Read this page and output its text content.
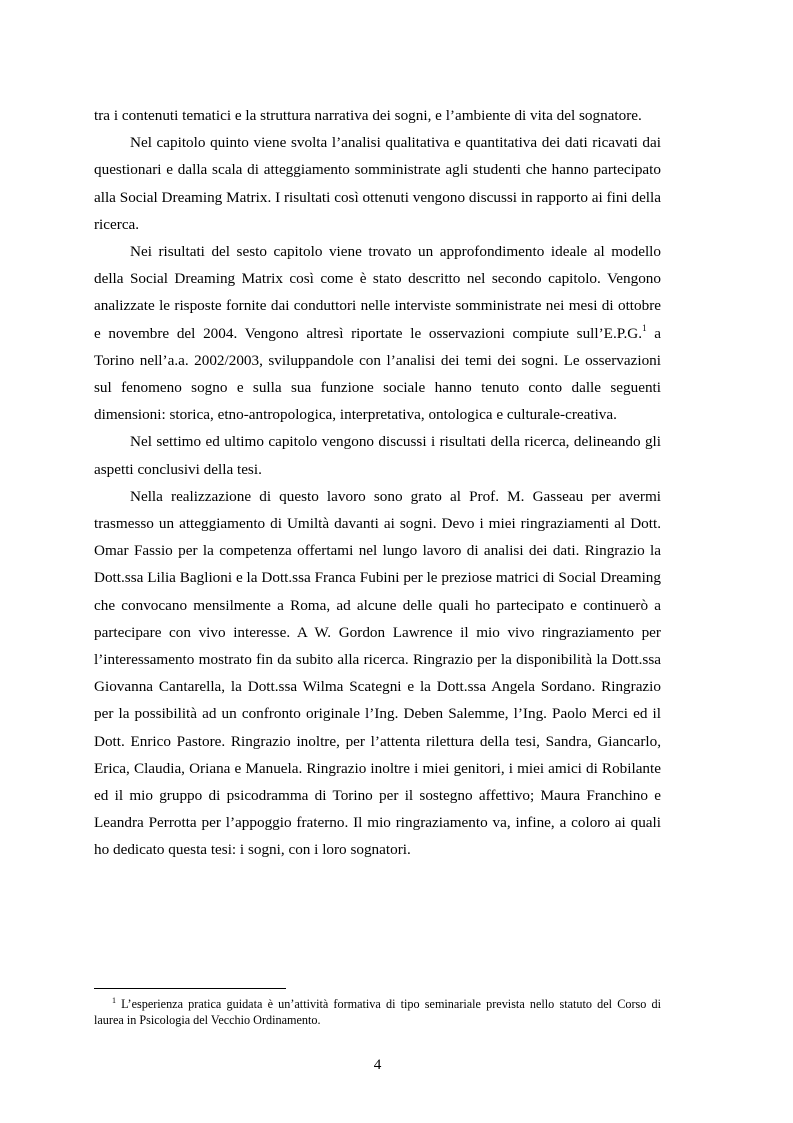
tra i contenuti tematici e la struttura narrativa dei sogni, e l’ambiente di vita del sognatore.

Nel capitolo quinto viene svolta l’analisi qualitativa e quantitativa dei dati ricavati dai questionari e dalla scala di atteggiamento somministrate agli studenti che hanno partecipato alla Social Dreaming Matrix. I risultati così ottenuti vengono discussi in rapporto ai fini della ricerca.

Nei risultati del sesto capitolo viene trovato un approfondimento ideale al modello della Social Dreaming Matrix così come è stato descritto nel secondo capitolo. Vengono analizzate le risposte fornite dai conduttori nelle interviste somministrate nei mesi di ottobre e novembre del 2004. Vengono altresì riportate le osservazioni compiute sull’E.P.G.$^1$ a Torino nell’a.a. 2002/2003, sviluppandole con l’analisi dei temi dei sogni. Le osservazioni sul fenomeno sogno e sulla sua funzione sociale hanno tenuto conto dalle seguenti dimensioni: storica, etno-antropologica, interpretativa, ontologica e culturale-creativa.

Nel settimo ed ultimo capitolo vengono discussi i risultati della ricerca, delineando gli aspetti conclusivi della tesi.

Nella realizzazione di questo lavoro sono grato al Prof. M. Gasseau per avermi trasmesso un atteggiamento di Umiltà davanti ai sogni. Devo i miei ringraziamenti al Dott. Omar Fassio per la competenza offertami nel lungo lavoro di analisi dei dati. Ringrazio la Dott.ssa Lilia Baglioni e la Dott.ssa Franca Fubini per le preziose matrici di Social Dreaming che convocano mensilmente a Roma, ad alcune delle quali ho partecipato e continuerò a partecipare con vivo interesse. A W. Gordon Lawrence il mio vivo ringraziamento per l’interessamento mostrato fin da subito alla ricerca. Ringrazio per la disponibilità la Dott.ssa Giovanna Cantarella, la Dott.ssa Wilma Scategni e la Dott.ssa Angela Sordano. Ringrazio per la possibilità ad un confronto originale l’Ing. Deben Salemme, l’Ing. Paolo Merci ed il Dott. Enrico Pastore. Ringrazio inoltre, per l’attenta rilettura della tesi, Sandra, Giancarlo, Erica, Claudia, Oriana e Manuela. Ringrazio inoltre i miei genitori, i miei amici di Robilante ed il mio gruppo di psicodramma di Torino per il sostegno affettivo; Maura Franchino e Leandra Perrotta per l’appoggio fraterno. Il mio ringraziamento va, infine, a coloro ai quali ho dedicato questa tesi: i sogni, con i loro sognatori.

$^1$ L’esperienza pratica guidata è un’attività formativa di tipo seminariale prevista nello statuto del Corso di laurea in Psicologia del Vecchio Ordinamento.
4
